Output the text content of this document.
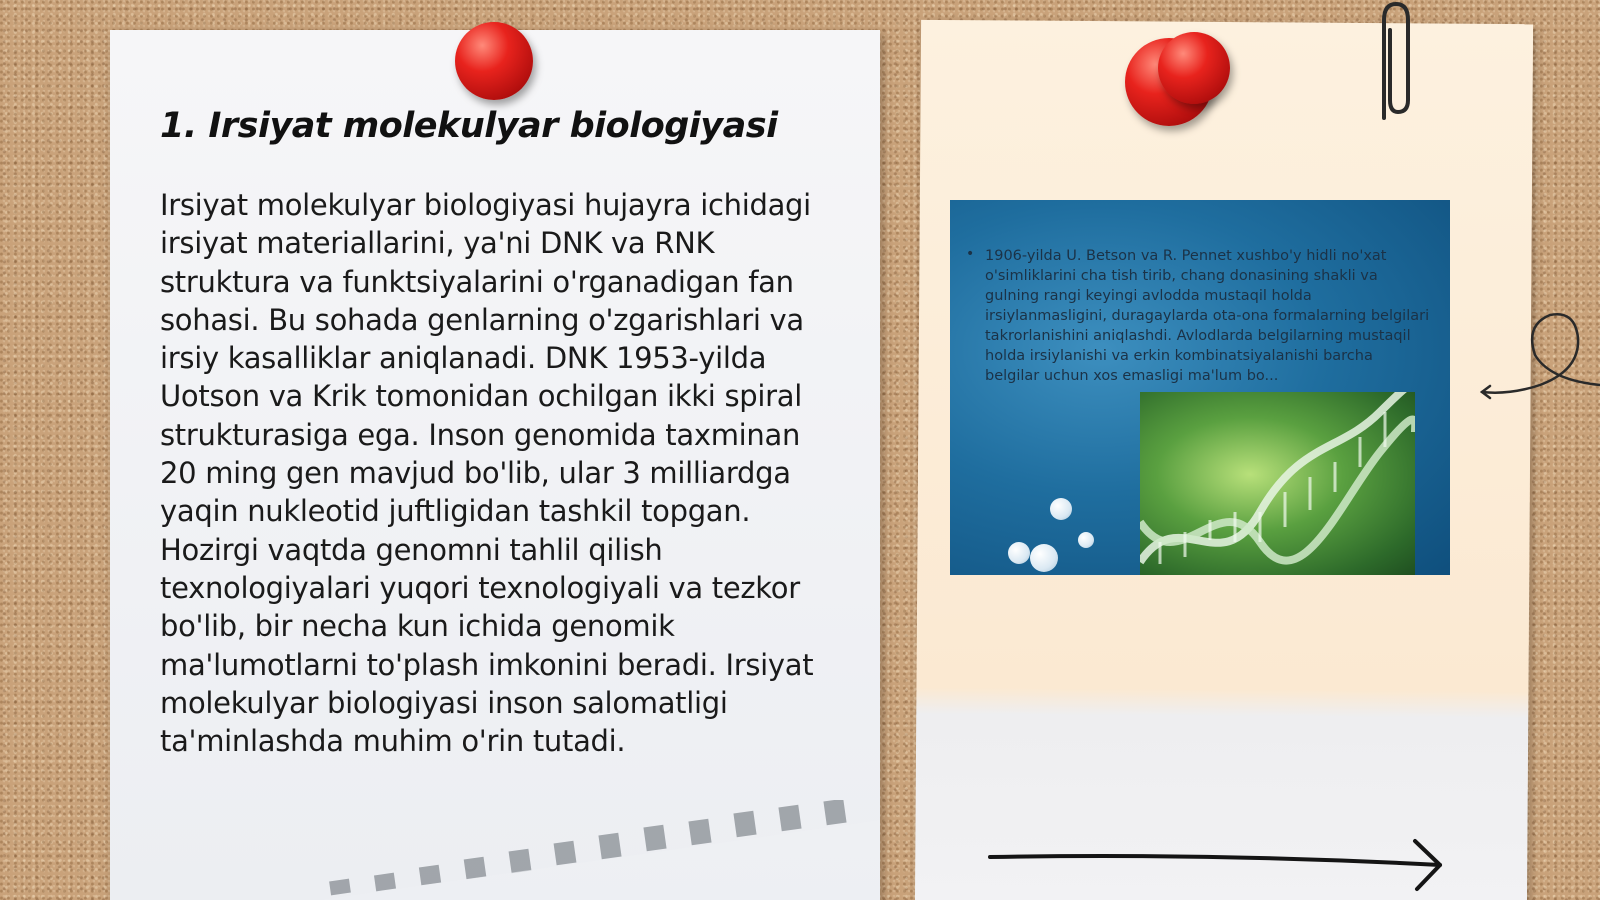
1. Irsiyat molekulyar biologiyasi

Irsiyat molekulyar biologiyasi hujayra ichidagi irsiyat materiallarini, ya'ni DNK va RNK struktura va funktsiyalarini o'rganadigan fan sohasi. Bu sohada genlarning o'zgarishlari va irsiy kasalliklar aniqlanadi. DNK 1953-yilda Uotson va Krik tomonidan ochilgan ikki spiral strukturasiga ega. Inson genomida taxminan 20 ming gen mavjud bo'lib, ular 3 milliardga yaqin nukleotid juftligidan tashkil topgan. Hozirgi vaqtda genomni tahlil qilish texnologiyalari yuqori texnologiyali va tezkor bo'lib, bir necha kun ichida genomik ma'lumotlarni to'plash imkonini beradi. Irsiyat molekulyar biologiyasi inson salomatligi ta'minlashda muhim o'rin tutadi.

• 1906-yilda U. Betson va R. Pennet xushbo'y hidli no'xat o'simliklarini cha tish tirib, chang donasining shakli va gulning rangi keyingi avlodda mustaqil holda irsiylanmasligini, duragaylarda ota-ona formalarning belgilari takrorlanishini aniqlashdi. Avlodlarda belgilarning mustaqil holda irsiylanishi va erkin kombinatsiyalanishi barcha belgilar uchun xos emasligi ma'lum bo...
